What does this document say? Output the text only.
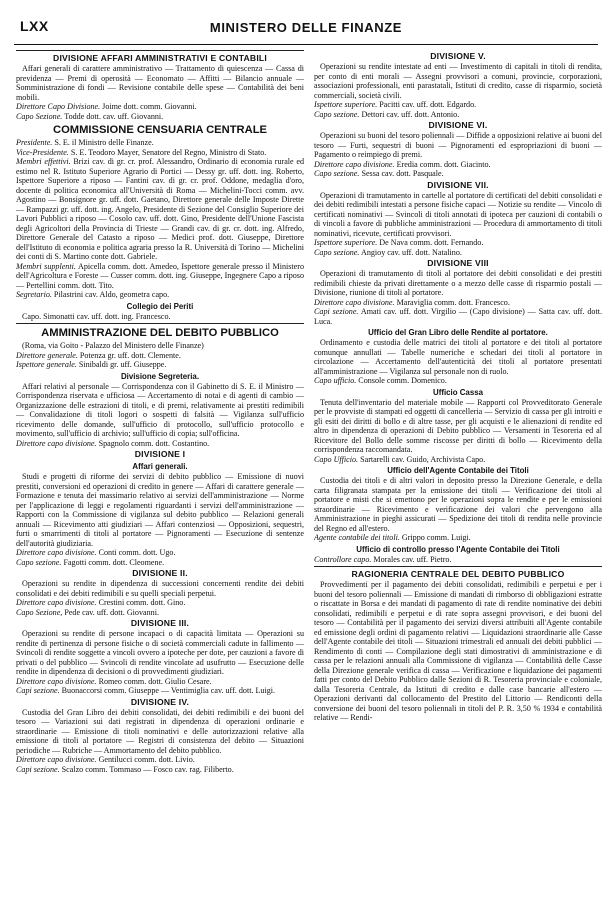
LXX	MINISTERO DELLE FINANZE
DIVISIONE AFFARI AMMINISTRATIVI E CONTABILI

Affari generali di carattere amministrativo — Trattamento di quiescenza — Cassa di previdenza — Premi di operosità — Economato — Affitti — Bilancio annuale — Somministrazione di fondi — Revisione contabile delle spese — Contabilità dei beni mobili.

Direttore Capo Divisione. Joime dott. comm. Giovanni.

Capo Sezione. Todde dott. cav. uff. Giovanni.

COMMISSIONE CENSUARIA CENTRALE

Presidente. S. E. il Ministro delle Finanze.

Vice-Presidente. S. E. Teodoro Mayer, Senatore del Regno, Ministro di Stato.

Membri effettivi. Brizi cav. di gr. cr. prof. Alessandro, Ordinario di economia rurale ed estimo nel R. Istituto Superiore Agrario di Portici — Dessy gr. uff. dott. ing. Roberto, Ispettore Superiore a riposo — Fantini cav. di gr. cr. prof. Oddone, medaglia d'oro, docente di politica economica all'Università di Roma — Michelini-Tocci comm. avv. Agostino — Bonsignore gr. uff. dott. Gaetano, Direttore generale delle Imposte Dirette — Rampazzi gr. uff. dott. ing. Angelo, Presidente di Sezione del Consiglio Superiore dei Lavori Pubblici a riposo — Cosolo cav. uff. dott. Gino, Presidente dell'Unione Fascista degli Agricoltori della Provincia di Trieste — Grandi cav. di gr. cr. dott. ing. Alfredo, Direttore Generale del Catasto a riposo — Medici prof. dott. Giuseppe, Direttore dell'Istituto di economia e politica agraria presso la R. Università di Torino — Michelini dei conti di S. Martino conte dott. Gabriele.

Membri supplenti. Apicella comm. dott. Amedeo, Ispettore generale presso il Ministero dell'Agricoltura e Foreste — Cusser comm. dott. ing. Giuseppe, Ingegnere Capo a riposo — Pertellini comm. dott. Tito.

Segretario. Pilastrini cav. Aldo, geometra capo.

Collegio dei Periti

Capo. Simonatti cav. uff. dott. ing. Francesco.

AMMINISTRAZIONE DEL DEBITO PUBBLICO

(Roma, via Goito - Palazzo del Ministero delle Finanze)

Direttore generale. Potenza gr. uff. dott. Clemente.

Ispettore generale. Sinibaldi gr. uff. Giuseppe.

Divisione Segreteria.

Affari relativi al personale — Corrispondenza con il Gabinetto di S. E. il Ministro — Corrispondenza riservata e ufficiosa — Accertamento di notai e di agenti di cambio — Organizzazione delle estrazioni di titoli, e di premi, relativamente ai prestiti redimibili — Convalidazione di titoli logori o sospetti di falsità — Vigilanza sull'ufficio ricevimento delle domande, sull'ufficio di protocollo, sull'ufficio protocollo e movimento, sull'ufficio di archivio; sull'ufficio di copia; sull'officina.

Direttore capo divisione. Spagnolo comm. dott. Costantino.

DIVISIONE I
Affari generali.

Studi e progetti di riforme dei servizi di debito pubblico — Emissione di nuovi prestiti, conversioni ed operazioni di credito in genere — Affari di carattere generale — Formazione e tenuta dei massimario relativo ai servizi dell'amministrazione — Norme per l'applicazione di leggi e regolamenti riguardanti i servizi dell'amministrazione — Rapporti con la Commissione di vigilanza sul debito pubblico — Relazioni generali annuali — Ricevimento atti giudiziari — Affari contenziosi — Opposizioni, sequestri, furti o smarrimenti di titoli al portatore — Pignoramenti — Esecuzione di sentenze dell'autorità giudiziaria.

Direttore capo divisione. Conti comm. dott. Ugo.

Capo sezione. Fagotti comm. dott. Cleomene.

DIVISIONE II.

Operazioni su rendite in dipendenza di successioni concernenti rendite dei debiti consolidati e dei debiti redimibili e su quelli speciali perpetui.

Direttore capo divisione. Crestini comm. dott. Gino.

Capo Sezione, Pede cav. uff. dott. Giovanni.

DIVISIONE III.

Operazioni su rendite di persone incapaci o di capacità limitata — Operazioni su rendite di pertinenza di persone fisiche o di società commerciali cadute in fallimento — Svincoli di rendite soggette a vincoli ovvero a ipoteche per dote, per cauzioni a favore di privati o del pubblico — Svincoli di rendite vincolate ad usufrutto — Esecuzione delle rendite in dipendenza di decisioni o di provvedimenti giudiziari.

Direttore capo divisione. Romeo comm. dott. Giulio Cesare.

Capi sezione. Buonaccorsi comm. Giuseppe — Ventimiglia cav. uff. dott. Luigi.

DIVISIONE IV.

Custodia del Gran Libro dei debiti consolidati, dei debiti redimibili e dei buoni del tesoro — Variazioni sui dati registrati in dipendenza di operazioni ordinarie e straordinarie — Emissione di titoli nominativi e delle autorizzazioni relative alla emissione di titoli al portatore — Registri di consistenza del debito — Situazioni periodiche — Rubriche — Ammortamento del debito pubblico.

Direttore capo divisione. Gentilucci comm. dott. Livio.

Capi sezione. Scalzo comm. Tommaso — Fosco cav. rag. Filiberto.

DIVISIONE V.

Operazioni su rendite intestate ad enti — Investimento di capitali in titoli di rendita, per conto di enti morali — Assegni provvisori a comuni, provincie, corporazioni, associazioni professionali, enti parastatali, Istituti di credito, casse di risparmio, società commerciali, società civili.

Ispettore superiore. Pacitti cav. uff. dott. Edgardo.

Capo sezione. Dettori cav. uff. dott. Antonio.

DIVISIONE VI.

Operazioni su buoni del tesoro poliennali — Diffide a opposizioni relative ai buoni del tesoro — Furti, sequestri di buoni — Pignoramenti ed espropriazioni di buoni — Pagamento o reimpiego di premi.

Direttore capo divisione. Eredia comm. dott. Giacinto.

Capo sezione. Sessa cav. dott. Pasquale.

DIVISIONE VII.

Operazioni di tramutamento in cartelle al portatore di certificati del debiti consolidati e dei debiti redimibili intestati a persone fisiche capaci — Notizie su rendite — Vincolo di certificati nominativi — Svincoli di titoli annotati di ipoteca per cauzioni di contabili o di vincoli a favore di pubbliche amministrazioni — Procedura di ammortamento di titoli nominativi, ricevute, certificati provvisori.

Ispettore superiore. De Nava comm. dott. Fernando.

Capo sezione. Angioy cav. uff. dott. Natalino.

DIVISIONE VIII

Operazioni di tramutamento di titoli al portatore dei debiti consolidati e dei prestiti redimibili chieste da privati direttamente o a mezzo delle casse di risparmio postali — Divisione, riunione di titoli al portatore.

Direttore capo divisione. Maraviglia comm. dott. Francesco.

Capi sezione. Amati cav. uff. dott. Virgilio — (Capo divisione) — Satta cav. uff. dott. Luca.

Ufficio del Gran Libro delle Rendite al portatore.

Ordinamento e custodia delle matrici dei titoli al portatore e dei titoli al portatore comunque annullati — Tabelle numeriche e schedari dei titoli al portatore in circolazione — Accertamento dell'autenticità dei titoli al portatore presentati all'amministrazione — Vigilanza sul personale non di ruolo.

Capo ufficio. Console comm. Domenico.

Ufficio Cassa

Tenuta dell'inventario del materiale mobile — Rapporti col Provveditorato Generale per le provviste di stampati ed oggetti di cancelleria — Servizio di cassa per gli introiti e gli esiti dei diritti di bollo e di altre tasse, per gli acquisti e le alienazioni di rendite ed altro in dipendenza di operazioni di Debito pubblico — Versamenti in Tesoreria ed al Ricevitore del Bollo delle somme riscosse per diritti di bollo — Ricevimento della corrispondenza raccomandata.

Capo Ufficio. Sartarelli cav. Guido, Archivista Capo.

Ufficio dell'Agente Contabile dei Titoli

Custodia dei titoli e di altri valori in deposito presso la Direzione Generale, e della carta filigranata stampata per la emissione dei titoli — Verificazione dei titoli al portatore e misti che si emettono per le operazioni sopra le rendite e per le emissioni straordinarie — Ricevimento e verificazione dei valori che pervengono alla Amministrazione in pieghi assicurati — Spedizione dei titoli di rendita nelle provincie del Regno ed all'estero.

Agente contabile dei titoli. Grippo comm. Luigi.

Ufficio di controllo presso l'Agente Contabile dei Titoli

Controllore capo. Morales cav. uff. Pietro.

RAGIONERIA CENTRALE DEL DEBITO PUBBLICO

Provvedimenti per il pagamento dei debiti consolidati, redimibili e perpetui e per i buoni del tesoro poliennali — Emissione di mandati di rimborso di obbligazioni estratte o riscattate in Borsa e dei mandati di pagamento di rate di rendite nominative dei debiti consolidati, redimibili e perpetui e di rate sopra assegni provvisori, e dei buoni del tesoro — Contabilità per il pagamento dei servizi diversi attribuiti all'Agente contabile ed emissione degli ordini di pagamento relativi — Liquidazioni straordinarie alle Casse dell'Agente contabile dei titoli — Situazioni trimestrali ed annuali dei debiti pubblici — Rendimento di conti — Compilazione degli stati dimostrativi di amministrazione e di cassa per le relazioni annuali alla Commissione di vigilanza — Contabilità delle Casse della Direzione generale verifica di cassa — Verificazione e liquidazione dei pagamenti fatti per conto del Debito Pubblico dalle Sezioni di R. Tesoreria provinciale e coloniale, dalla Tesoreria Centrale, da Istituti di credito e dalle case bancarie all'estero — Operazioni derivanti dal collocamento del Prestito del Littorio — Rendiconti della conversione dei buoni del tesoro poliennali in titoli del P. R. 3,50 % 1934 e contabilità relative — Rendi-
